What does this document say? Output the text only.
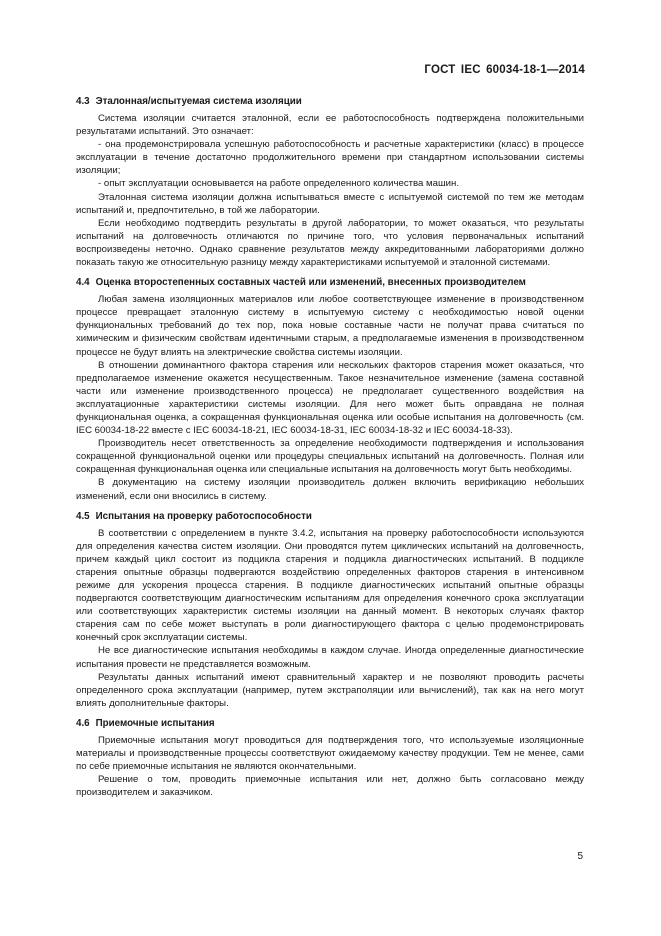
ГОСТ IEC 60034-18-1—2014
4.3 Эталонная/испытуемая система изоляции

Система изоляции считается эталонной, если ее работоспособность подтверждена положительными результатами испытаний. Это означает:

- она продемонстрировала успешную работоспособность и расчетные характеристики (класс) в процессе эксплуатации в течение достаточно продолжительного времени при стандартном использовании системы изоляции;

- опыт эксплуатации основывается на работе определенного количества машин.

Эталонная система изоляции должна испытываться вместе с испытуемой системой по тем же методам испытаний и, предпочтительно, в той же лаборатории.

Если необходимо подтвердить результаты в другой лаборатории, то может оказаться, что результаты испытаний на долговечность отличаются по причине того, что условия первоначальных испытаний воспроизведены неточно. Однако сравнение результатов между аккредитованными лабораториями должно показать такую же относительную разницу между характеристиками испытуемой и эталонной системами.

4.4 Оценка второстепенных составных частей или изменений, внесенных производителем

Любая замена изоляционных материалов или любое соответствующее изменение в производственном процессе превращает эталонную систему в испытуемую систему с необходимостью новой оценки функциональных требований до тех пор, пока новые составные части не получат права считаться по химическим и физическим свойствам идентичными старым, а предполагаемые изменения в производственном процессе не будут влиять на электрические свойства системы изоляции.

В отношении доминантного фактора старения или нескольких факторов старения может оказаться, что предполагаемое изменение окажется несущественным. Такое незначительное изменение (замена составной части или изменение производственного процесса) не предполагает существенного воздействия на эксплуатационные характеристики системы изоляции. Для него может быть оправдана не полная функциональная оценка, а сокращенная функциональная оценка или особые испытания на долговечность (см. IEC 60034-18-22 вместе с IEC 60034-18-21, IEC 60034-18-31, IEC 60034-18-32 и IEC 60034-18-33).

Производитель несет ответственность за определение необходимости подтверждения и использования сокращенной функциональной оценки или процедуры специальных испытаний на долговечность. Полная или сокращенная функциональная оценка или специальные испытания на долговечность могут быть необходимы.

В документацию на систему изоляции производитель должен включить верификацию небольших изменений, если они вносились в систему.

4.5 Испытания на проверку работоспособности

В соответствии с определением в пункте 3.4.2, испытания на проверку работоспособности используются для определения качества систем изоляции. Они проводятся путем циклических испытаний на долговечность, причем каждый цикл состоит из подцикла старения и подцикла диагностических испытаний. В подцикле старения опытные образцы подвергаются воздействию определенных факторов старения в интенсивном режиме для ускорения процесса старения. В подцикле диагностических испытаний опытные образцы подвергаются соответствующим диагностическим испытаниям для определения конечного срока эксплуатации или соответствующих характеристик системы изоляции на данный момент. В некоторых случаях фактор старения сам по себе может выступать в роли диагностирующего фактора с целью продемонстрировать конечный срок эксплуатации системы.

Не все диагностические испытания необходимы в каждом случае. Иногда определенные диагностические испытания провести не представляется возможным.

Результаты данных испытаний имеют сравнительный характер и не позволяют проводить расчеты определенного срока эксплуатации (например, путем экстраполяции или вычислений), так как на него могут влиять дополнительные факторы.

4.6 Приемочные испытания

Приемочные испытания могут проводиться для подтверждения того, что используемые изоляционные материалы и производственные процессы соответствуют ожидаемому качеству продукции. Тем не менее, сами по себе приемочные испытания не являются окончательными.

Решение о том, проводить приемочные испытания или нет, должно быть согласовано между производителем и заказчиком.

5
